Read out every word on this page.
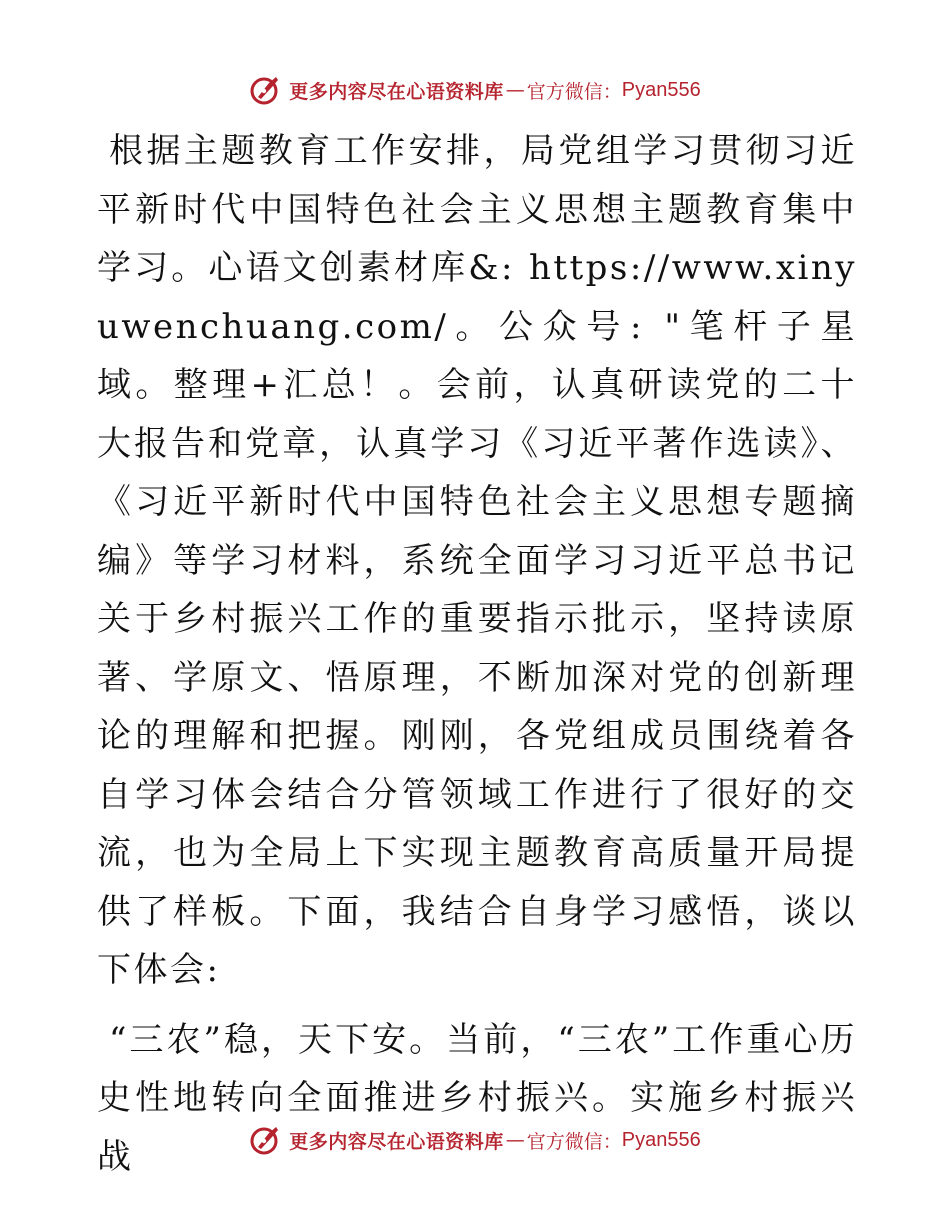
更多内容尽在心语资料库 — 官方微信： Pyan556

根据主题教育工作安排，局党组学习贯彻习近平新时代中国特色社会主义思想主题教育集中学习。心语文创素材库&: https://www.xinyuwenchuang.com/。公众号: "笔杆子星域。整理+汇总！。会前，认真研读党的二十大报告和党章，认真学习《习近平著作选读》、《习近平新时代中国特色社会主义思想专题摘编》等学习材料，系统全面学习习近平总书记关于乡村振兴工作的重要指示批示，坚持读原著、学原文、悟原理，不断加深对党的创新理论的理解和把握。刚刚，各党组成员围绕着各自学习体会结合分管领域工作进行了很好的交流，也为全局上下实现主题教育高质量开局提供了样板。下面，我结合自身学习感悟，谈以下体会:

“三农”稳，天下安。当前，“三农”工作重心历史性地转向全面推进乡村振兴。实施乡村振兴战	更多内容尽在心语资料库 — 官方微信： Pyan556
